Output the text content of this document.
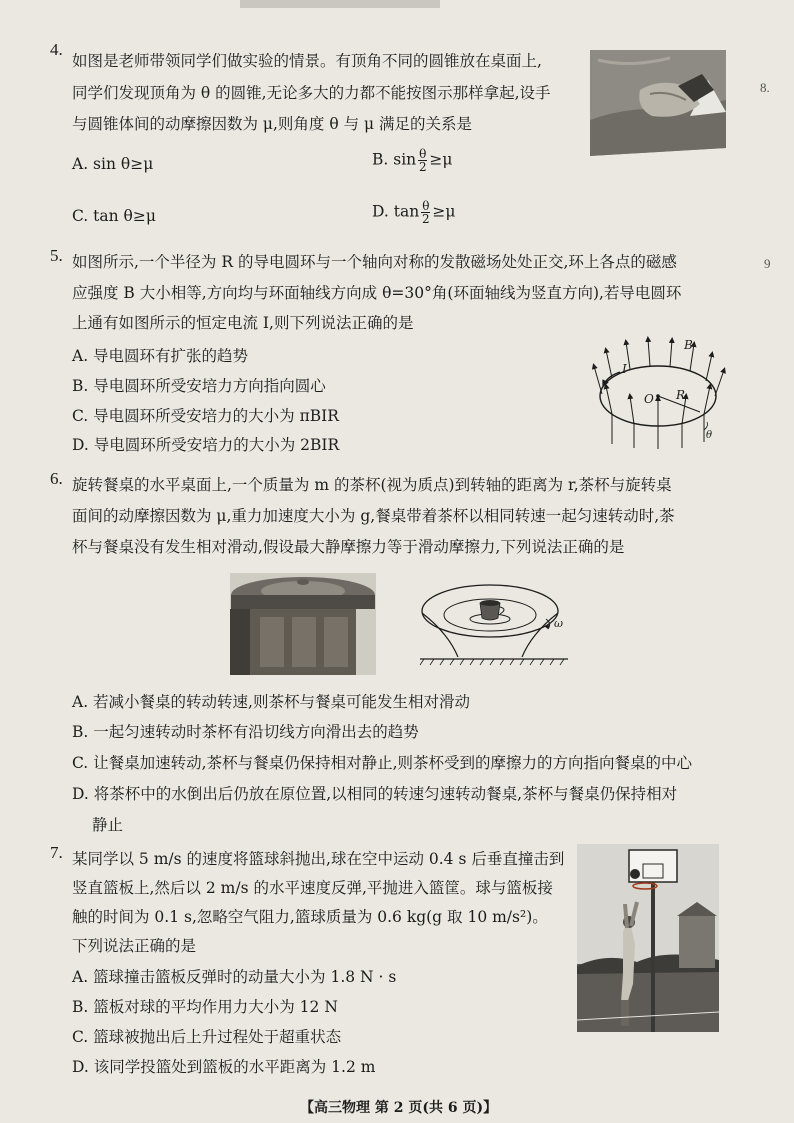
8.
9
4.
如图是老师带领同学们做实验的情景。有顶角不同的圆锥放在桌面上,
同学们发现顶角为 θ 的圆锥,无论多大的力都不能按图示那样拿起,设手
与圆锥体间的动摩擦因数为 μ,则角度 θ 与 μ 满足的关系是
A. sin θ≥μ	B. $\sin \frac{\theta}{2} \ge\mu$
C. tan θ≥μ	D. $\tan \frac{\theta}{2} \ge\mu$
5. 如图所示,一个半径为 R 的导电圆环与一个轴向对称的发散磁场处处正交,环上各点的磁感
应强度 B 大小相等,方向均与环面轴线方向成 θ=30°角(环面轴线为竖直方向),若导电圆环
上通有如图所示的恒定电流 I,则下列说法正确的是
A. 导电圆环有扩张的趋势
B. 导电圆环所受安培力方向指向圆心
C. 导电圆环所受安培力的大小为 πBIR
D. 导电圆环所受安培力的大小为 2BIR
B
I
R
O
θ
6. 旋转餐桌的水平桌面上,一个质量为 m 的茶杯(视为质点)到转轴的距离为 r,茶杯与旋转桌
面间的动摩擦因数为 μ,重力加速度大小为 g,餐桌带着茶杯以相同转速一起匀速转动时,茶
杯与餐桌没有发生相对滑动,假设最大静摩擦力等于滑动摩擦力,下列说法正确的是
ω
A. 若减小餐桌的转动转速,则茶杯与餐桌可能发生相对滑动
B. 一起匀速转动时茶杯有沿切线方向滑出去的趋势
C. 让餐桌加速转动,茶杯与餐桌仍保持相对静止,则茶杯受到的摩擦力的方向指向餐桌的中心
D. 将茶杯中的水倒出后仍放在原位置,以相同的转速匀速转动餐桌,茶杯与餐桌仍保持相对
静止
7. 某同学以 5 m/s 的速度将篮球斜抛出,球在空中运动 0.4 s 后垂直撞击到
竖直篮板上,然后以 2 m/s 的水平速度反弹,平抛进入篮筐。球与篮板接
触的时间为 0.1 s,忽略空气阻力,篮球质量为 0.6 kg(g 取 10 m/s²)。
下列说法正确的是
A. 篮球撞击篮板反弹时的动量大小为 1.8 N · s
B. 篮板对球的平均作用力大小为 12 N
C. 篮球被抛出后上升过程处于超重状态
D. 该同学投篮处到篮板的水平距离为 1.2 m
【高三物理 第 2 页(共 6 页)】
